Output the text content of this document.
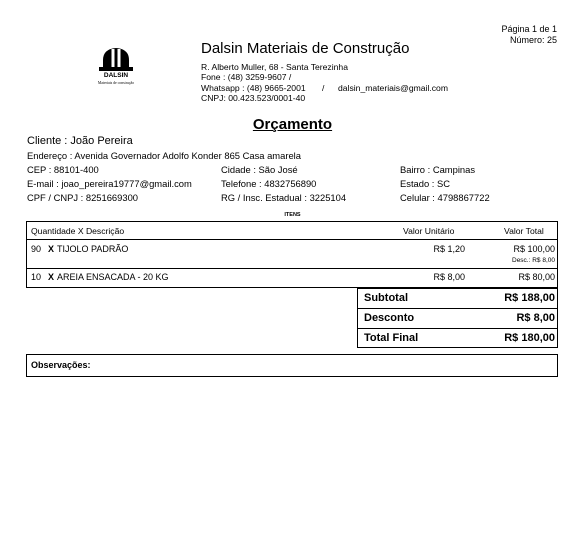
Página 1 de 1
Número: 25
DALSIN
Materiais de construção
Dalsin Materiais de Construção
R. Alberto Muller, 68 - Santa Terezinha
Fone : (48) 3259-9607 /
Whatsapp : (48) 9665-2001 / dalsin_materiais@gmail.com
CNPJ: 00.423.523/0001-40
Orçamento
Cliente : João Pereira
Endereço : Avenida Governador Adolfo Konder 865 Casa amarela
CEP : 88101-400	Cidade : São José	Bairro : Campinas
E-mail : joao_pereira19777@gmail.com	Telefone : 4832756890	Estado : SC
CPF / CNPJ : 8251669300	RG / Insc. Estadual : 3225104	Celular : 4798867722
ITENS
Quantidade X Descrição	Valor Unitário	Valor Total
90 X TIJOLO PADRÃO	R$ 1,20	R$ 100,00
Desc.: R$ 8,00
10 X AREIA ENSACADA - 20 KG	R$ 8,00	R$ 80,00
Subtotal	R$ 188,00
Desconto	R$ 8,00
Total Final	R$ 180,00
Observações:
